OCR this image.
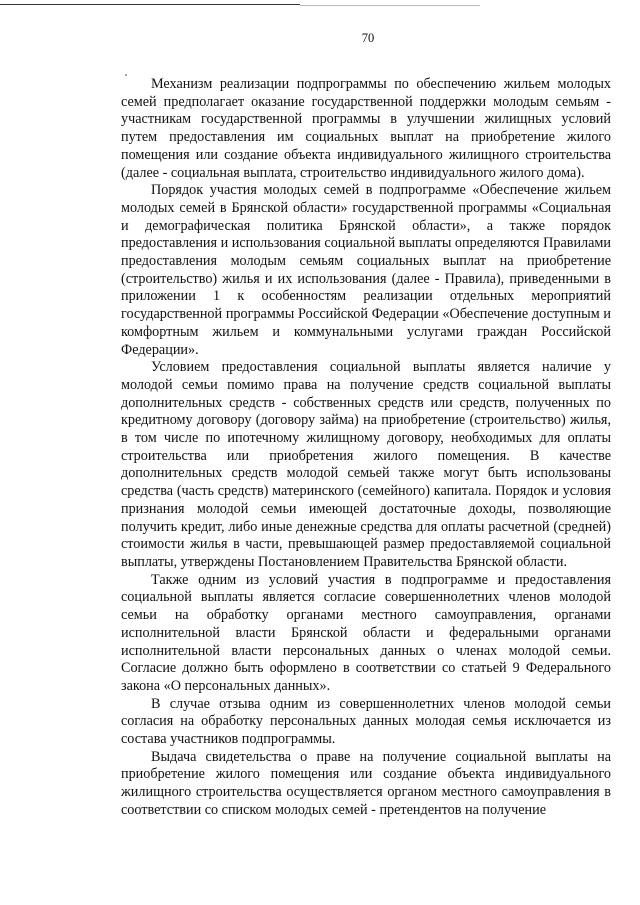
70

Механизм реализации подпрограммы по обеспечению жильем молодых семей предполагает оказание государственной поддержки молодым семьям - участникам государственной программы в улучшении жилищных условий путем предоставления им социальных выплат на приобретение жилого помещения или создание объекта индивидуального жилищного строительства (далее - социальная выплата, строительство индивидуального жилого дома).

Порядок участия молодых семей в подпрограмме «Обеспечение жильем молодых семей в Брянской области» государственной программы «Социальная и демографическая политика Брянской области», а также порядок предоставления и использования социальной выплаты определяются Правилами предоставления молодым семьям социальных выплат на приобретение (строительство) жилья и их использования (далее - Правила), приведенными в приложении 1 к особенностям реализации отдельных мероприятий государственной программы Российской Федерации «Обеспечение доступным и комфортным жильем и коммунальными услугами граждан Российской Федерации».

Условием предоставления социальной выплаты является наличие у молодой семьи помимо права на получение средств социальной выплаты дополнительных средств - собственных средств или средств, полученных по кредитному договору (договору займа) на приобретение (строительство) жилья, в том числе по ипотечному жилищному договору, необходимых для оплаты строительства или приобретения жилого помещения. В качестве дополнительных средств молодой семьей также могут быть использованы средства (часть средств) материнского (семейного) капитала. Порядок и условия признания молодой семьи имеющей достаточные доходы, позволяющие получить кредит, либо иные денежные средства для оплаты расчетной (средней) стоимости жилья в части, превышающей размер предоставляемой социальной выплаты, утверждены Постановлением Правительства Брянской области.

Также одним из условий участия в подпрограмме и предоставления социальной выплаты является согласие совершеннолетних членов молодой семьи на обработку органами местного самоуправления, органами исполнительной власти Брянской области и федеральными органами исполнительной власти персональных данных о членах молодой семьи. Согласие должно быть оформлено в соответствии со статьей 9 Федерального закона «О персональных данных».

В случае отзыва одним из совершеннолетних членов молодой семьи согласия на обработку персональных данных молодая семья исключается из состава участников подпрограммы.

Выдача свидетельства о праве на получение социальной выплаты на приобретение жилого помещения или создание объекта индивидуального жилищного строительства осуществляется органом местного самоуправления в соответствии со списком молодых семей - претендентов на получение
